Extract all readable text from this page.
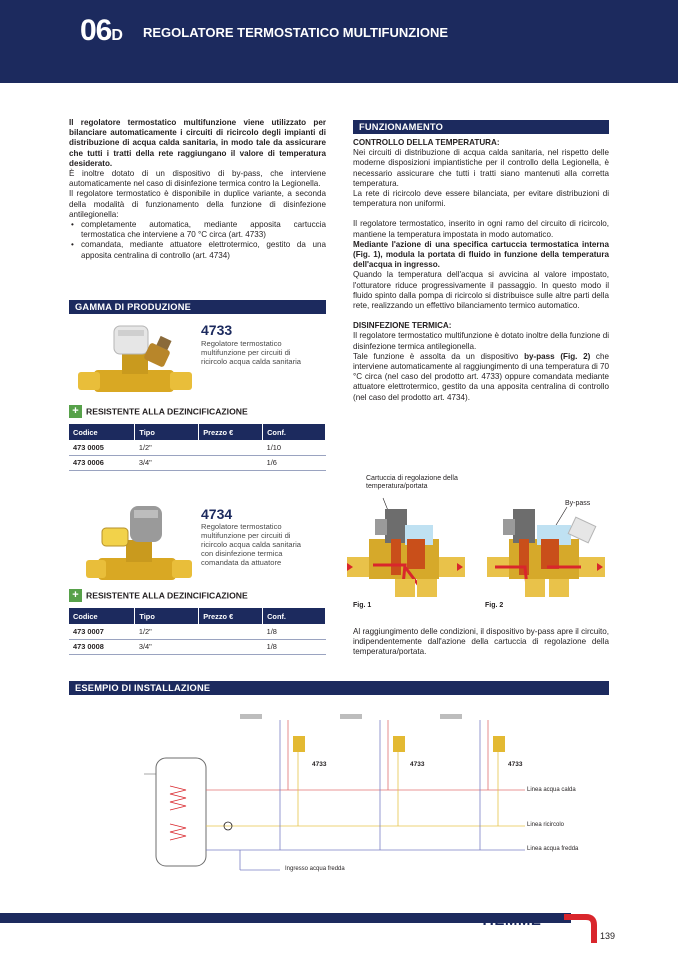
06D REGOLATORE TERMOSTATICO MULTIFUNZIONE

Il regolatore termostatico multifunzione viene utilizzato per bilanciare automaticamente i circuiti di ricircolo degli impianti di distribuzione di acqua calda sanitaria, in modo tale da assicurare che tutti i tratti della rete raggiungano il valore di temperatura desiderato.

È inoltre dotato di un dispositivo di by-pass, che interviene automaticamente nel caso di disinfezione termica contro la Legionella.

Il regolatore termostatico è disponibile in duplice variante, a seconda della modalità di funzionamento della funzione di disinfezione antilegionella:

• completamente automatica, mediante apposita cartuccia termostatica che interviene a 70 °C circa (art. 4733)
• comandata, mediante attuatore elettrotermico, gestito da una apposita centralina di controllo (art. 4734)
GAMMA DI PRODUZIONE
4733
Regolatore termostatico
multifunzione per circuiti di
ricircolo acqua calda sanitaria
+ RESISTENTE ALLA DEZINCIFICAZIONE
Codice	Tipo	Prezzo €	Conf.
473 0005	1/2"		1/10
473 0006	3/4"		1/6
4734
Regolatore termostatico
multifunzione per circuiti di
ricircolo acqua calda sanitaria
con disinfezione termica
comandata da attuatore
+ RESISTENTE ALLA DEZINCIFICAZIONE
Codice	Tipo	Prezzo €	Conf.
473 0007	1/2"		1/8
473 0008	3/4"		1/8
FUNZIONAMENTO

CONTROLLO DELLA TEMPERATURA:

Nei circuiti di distribuzione di acqua calda sanitaria, nel rispetto delle moderne disposizioni impiantistiche per il controllo della Legionella, è necessario assicurare che tutti i tratti siano mantenuti alla corretta temperatura.

La rete di ricircolo deve essere bilanciata, per evitare distribuzioni di temperatura non uniformi.

Il regolatore termostatico, inserito in ogni ramo del circuito di ricircolo, mantiene la temperatura impostata in modo automatico.

Mediante l'azione di una specifica cartuccia termostatica interna (Fig. 1), modula la portata di fluido in funzione della temperatura dell'acqua in ingresso.

Quando la temperatura dell'acqua si avvicina al valore impostato, l'otturatore riduce progressivamente il passaggio. In questo modo il fluido spinto dalla pompa di ricircolo si distribuisce sulle altre parti della rete, realizzando un effettivo bilanciamento termico automatico.

DISINFEZIONE TERMICA:

Il regolatore termostatico multifunzione è dotato inoltre della funzione di disinfezione termica antilegionella.

Tale funzione è assolta da un dispositivo by-pass (Fig. 2) che interviene automaticamente al raggiungimento di una temperatura di 70 °C circa (nel caso del prodotto art. 4733) oppure comandata mediante attuatore elettrotermico, gestito da una apposita centralina di controllo (nel caso del prodotto art. 4734).

Cartuccia di regolazione della temperatura/portata
By-pass
Fig. 1	Fig. 2
Al raggiungimento delle condizioni, il dispositivo by-pass apre il circuito, indipendentemente dall'azione della cartuccia di regolazione della temperatura/portata.
ESEMPIO DI INSTALLAZIONE
4733	4733	4733
Linea acqua calda
Linea ricircolo
Linea acqua fredda
Ingresso acqua fredda
TIEMME
139
